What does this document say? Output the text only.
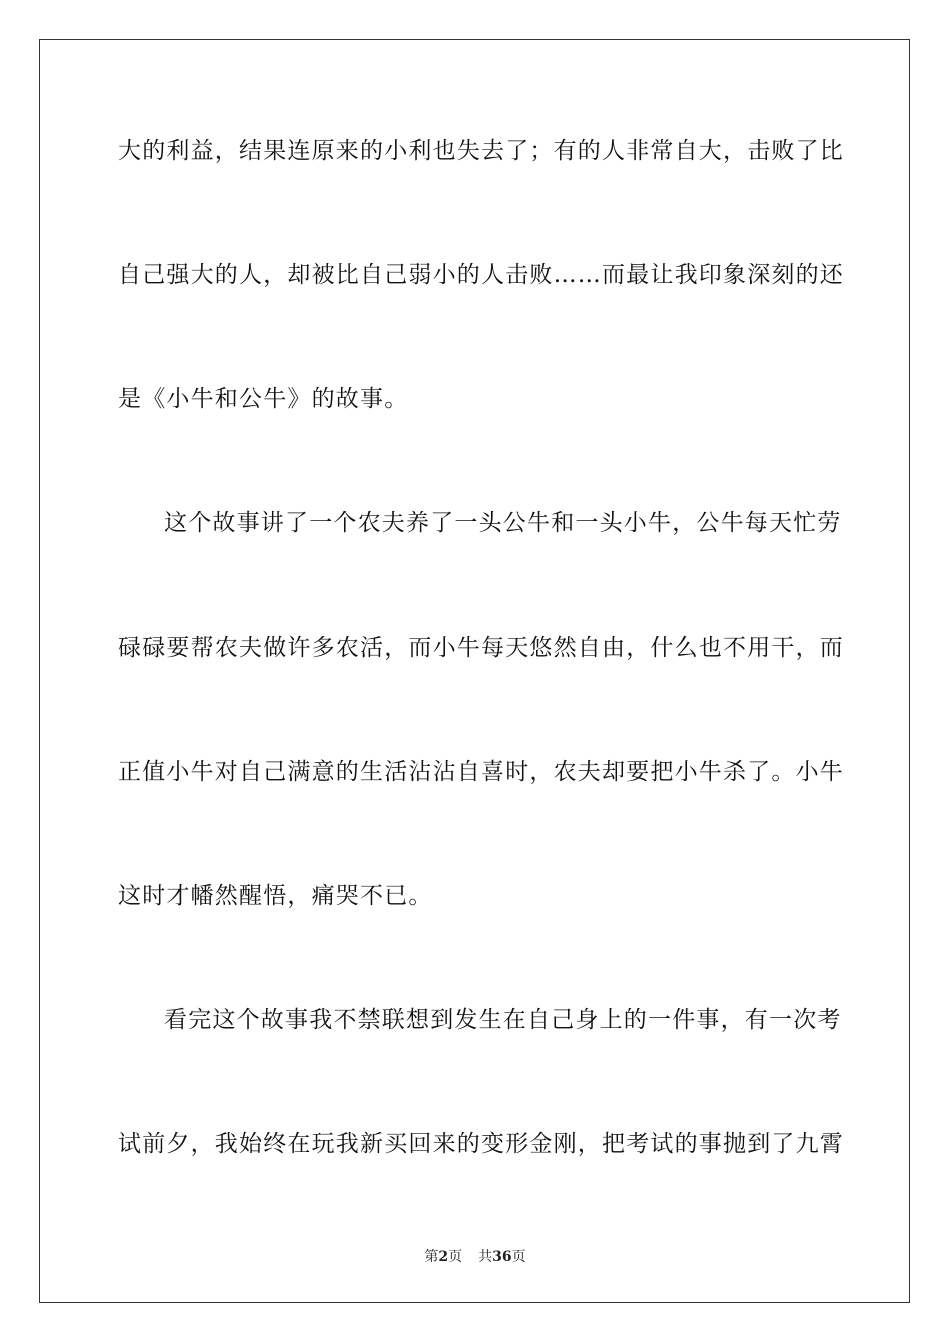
大的利益，结果连原来的小利也失去了；有的人非常自大，击败了比
自己强大的人，却被比自己弱小的人击败……而最让我印象深刻的还
是《小牛和公牛》的故事。
这个故事讲了一个农夫养了一头公牛和一头小牛，公牛每天忙劳
碌碌要帮农夫做许多农活，而小牛每天悠然自由，什么也不用干，而
正值小牛对自己满意的生活沾沾自喜时，农夫却要把小牛杀了。小牛
这时才幡然醒悟，痛哭不已。
看完这个故事我不禁联想到发生在自己身上的一件事，有一次考
试前夕，我始终在玩我新买回来的变形金刚，把考试的事抛到了九霄
第2页 共36页
